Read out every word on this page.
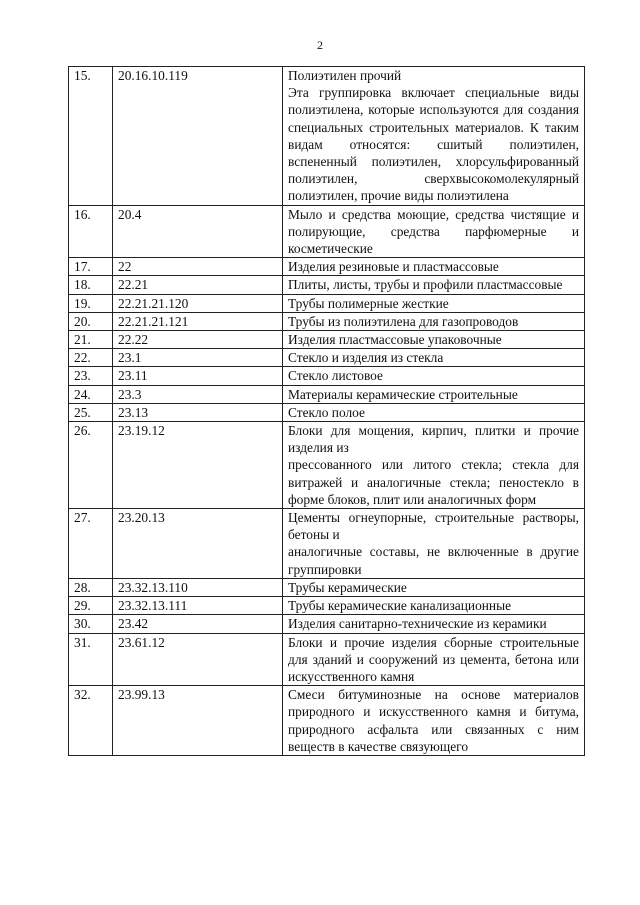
2
15.	20.16.10.119	Полиэтилен прочий
Эта группировка включает специальные виды полиэтилена, которые используются для создания специальных строительных материалов. К таким видам относятся: сшитый полиэтилен, вспененный полиэтилен, хлорсульфированный полиэтилен, сверхвысокомолекулярный полиэтилен, прочие виды полиэтилена

16.	20.4	Мыло и средства моющие, средства чистящие и полирующие, средства парфюмерные и косметические

17.	22	Изделия резиновые и пластмассовые

18.	22.21	Плиты, листы, трубы и профили пластмассовые

19.	22.21.21.120	Трубы полимерные жесткие

20.	22.21.21.121	Трубы из полиэтилена для газопроводов

21.	22.22	Изделия пластмассовые упаковочные

22.	23.1	Стекло и изделия из стекла

23.	23.11	Стекло листовое

24.	23.3	Материалы керамические строительные

25.	23.13	Стекло полое

26.	23.19.12	Блоки для мощения, кирпич, плитки и прочие изделия из
прессованного или литого стекла; стекла для витражей и аналогичные стекла; пеностекло в форме блоков, плит или аналогичных форм

27.	23.20.13	Цементы огнеупорные, строительные растворы, бетоны и
аналогичные составы, не включенные в другие группировки

28.	23.32.13.110	Трубы керамические

29.	23.32.13.111	Трубы керамические канализационные

30.	23.42	Изделия санитарно-технические из керамики

31.	23.61.12	Блоки и прочие изделия сборные строительные для зданий и сооружений из цемента, бетона или искусственного камня

32.	23.99.13	Смеси битуминозные на основе материалов природного и искусственного камня и битума, природного асфальта или связанных с ним веществ в качестве связующего
